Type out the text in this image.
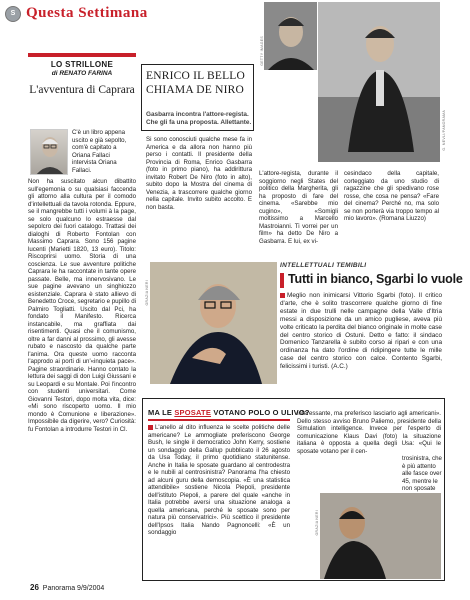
S Questa Settimana
LO STRILLONE
di RENATO FARINA
L'avventura di Caprara
C'è un libro appena uscito e già sepolto, com'è capitato a Oriana Fallaci intervista Oriana Fallaci.
Non ha suscitato alcun dibattito sull'egemonia o su qualsiasi faccenda gli attorno alla cultura per il comodo d'intellettuali da tavola rotonda. Eppure, se il mangrebbe tutti i volumi à la page, se solo qualcuno lo estraesse dal sepolcro dei fuori catalogo. Trattasi dei dialoghi di Roberto Fontolan con Massimo Caprara. Sono 156 pagine lucenti (Marietti 1820, 13 euro). Titolo: Riscoprirsi uomo. Storia di una coscienza. Le sue avventure politiche Caprara le ha raccontate in tante opere passate. Belle, ma innervosivano. Le sue pagine avevano un singhiozzo esistenziale. Caprara è stato allievo di Benedetto Croce, segretario e pupillo di Palmiro Togliatti. Uscito dal Pci, ha fondato il Manifesto. Ricerca instancabile, ma graffiata dai risentimenti. Quasi che il comunismo, oltre a far danni al prossimo, gli avesse rubato e nascosto da qualche parte l'anima. Ora queste uomo racconta l'approdo ai porti di un'«inquieta pace». Pagine straordinarie. Hanno contato la lettura dei saggi di don Luigi Giussani e su Leopardi e su Montale. Poi l'incontro con studenti universitari. Come Giovanni Testori, dopo molta vita, dice: «Mi sono riscoperto uomo. Il mio mondo è Comunione e liberazione». Impossibile da digerire, vero? Curiosità: fu Fontolan a introdurre Testori in Cl.
GETTY IMAGES
G. NEVLI/PANORAMA
ENRICO IL BELLO
CHIAMA DE NIRO
Gasbarra incontra l'attore-regista. Che gli fa una proposta. Allettante.
Si sono conosciuti qualche mese fa in America e da allora non hanno più perso i contatti. Il presidente della Provincia di Roma, Enrico Gasbarra (foto in primo piano), ha addirittura invitato Robert De Niro (foto in alto), subito dopo la Mostra del cinema di Venezia, a trascorrere qualche giorno nella capitale. Invito subito accolto. E non basta.
L'attore-regista, durante il soggiorno negli States del politico della Margherita, gli ha proposto di fare del cinema. «Sarebbe mio cugino», «Somigli moltissimo a Marcello Mastroianni. Ti vorrei per un film» ha detto De Niro a Gasbarra. E lui, ex vi-
cesindaco della capitale, corteggiato da uno studio di ragazzine che gli spedivano rose rosse, che cosa ne pensa? «Fare del cinema? Perché no, ma solo se non porterà via troppo tempo al mio lavoro». (Romana Liuzzo)
GRAZIA NERI
INTELLETTUALI TEMIBILI
Tutti in bianco, Sgarbi lo vuole
Meglio non inimicarsi Vittorio Sgarbi (foto). Il critico d'arte, che è solito trascorrere qualche giorno di fine estate in due trulli nelle campagne della Valle d'Itria messi a disposizione da un amico pugliese, aveva più volte criticato la perdita del bianco originale in molte case del centro storico di Ostuni. Detto e fatto: il sindaco Domenico Tanzarella è subito corso ai ripari e con una ordinanza ha dato l'ordine di ridipingere tutte le mille case del centro storico con calce. Contento Sgarbi, felicissimi i turisti. (A.C.)
MA LE SPOSATE VOTANO POLO O ULIVO?
L'anello al dito influenza le scelte politiche delle americane? Le ammogliate preferiscono George Bush, le single il democratico John Kerry, sostiene un sondaggio della Gallup pubblicato il 26 agosto da Usa Today, il primo quotidiano statunitense. Anche in Italia le sposate guardano al centrodestra e le nubili al centrosinistra? Panorama l'ha chiesto ad alcuni guru della demoscopia. «È una statistica attendibile» sostiene Nicola Piepoli, presidente dell'istituto Piepoli, a parere del quale «anche in Italia potrebbe aversi una situazione analoga a quella americana, perché le sposate sono per natura più conservatrici». Più scettico il presidente dell'Ipsos Italia Nando Pagnoncelli: «È un sondaggio
interessante, ma preferisco lasciarlo agli americani». Dello stesso avviso Bruno Paliemo, presidente della Simulation intelligence. Invece per l'esperto di comunicazione Klaus Davi (foto) la situazione italiana è opposta a quella degli Usa: «Qui le sposate votano per il cen-
trosinistra, che è più attento alle fasce over 45, mentre le non sposate
GRAZIA NERI
26 Panorama 9/9/2004
